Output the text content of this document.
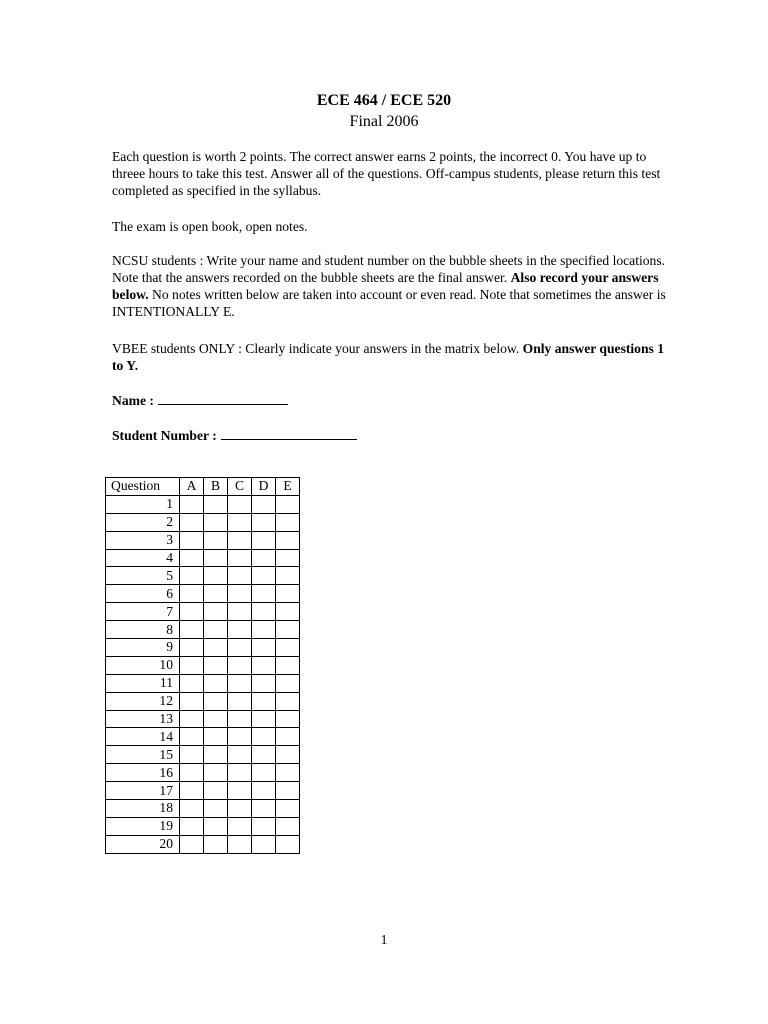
ECE 464 / ECE 520
Final 2006

Each question is worth 2 points. The correct answer earns 2 points, the incorrect 0. You have up to threee hours to take this test. Answer all of the questions. Off-campus students, please return this test completed as specified in the syllabus.

The exam is open book, open notes.

NCSU students : Write your name and student number on the bubble sheets in the specified locations. Note that the answers recorded on the bubble sheets are the final answer. Also record your answers below. No notes written below are taken into account or even read. Note that sometimes the answer is INTENTIONALLY E.

VBEE students ONLY : Clearly indicate your answers in the matrix below. Only answer questions 1 to Y.

Name :
Student Number :
Question	A	B	C	D	E
1					
2					
3					
4					
5					
6					
7					
8					
9					
10					
11					
12					
13					
14					
15					
16					
17					
18					
19					
20					
1
